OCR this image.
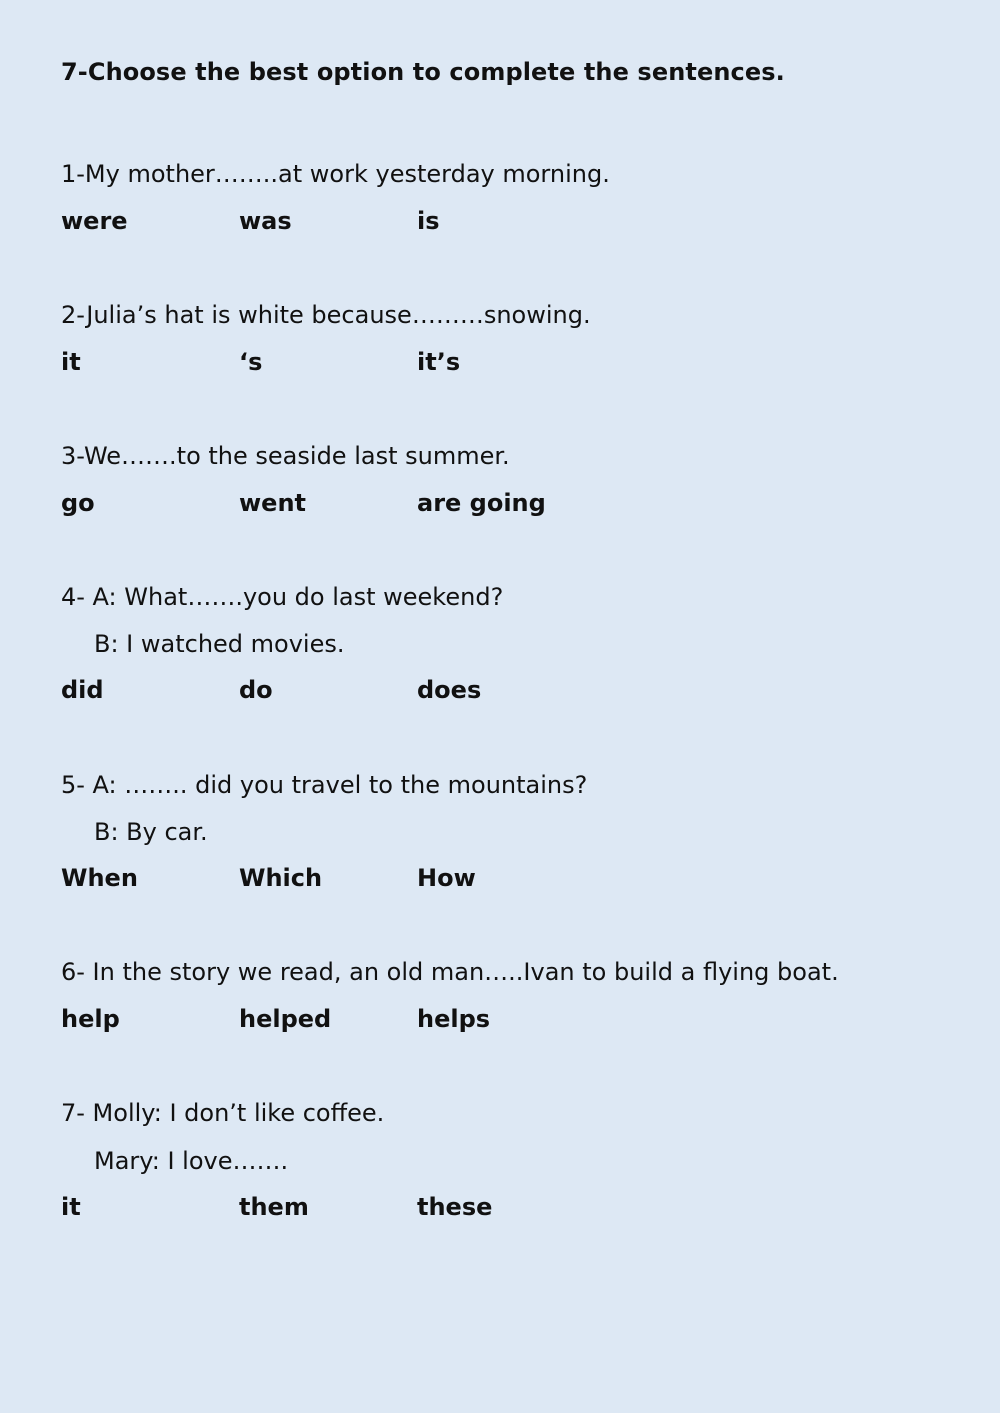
7-Choose the best option to complete the sentences.
1-My mother……..at work yesterday morning.
were	was	is
2-Julia’s hat is white because………snowing.
it	‘s	it’s
3-We…….to the seaside last summer.
go	went	are going
4- A: What…….you do last weekend?
B: I watched movies.
did	do	does
5- A: …….. did you travel to the mountains?
B: By car.
When	Which	How
6- In the story we read, an old man…..Ivan to build a flying boat.
help	helped	helps
7- Molly: I don’t like coffee.
Mary: I love…….
it	them	these
